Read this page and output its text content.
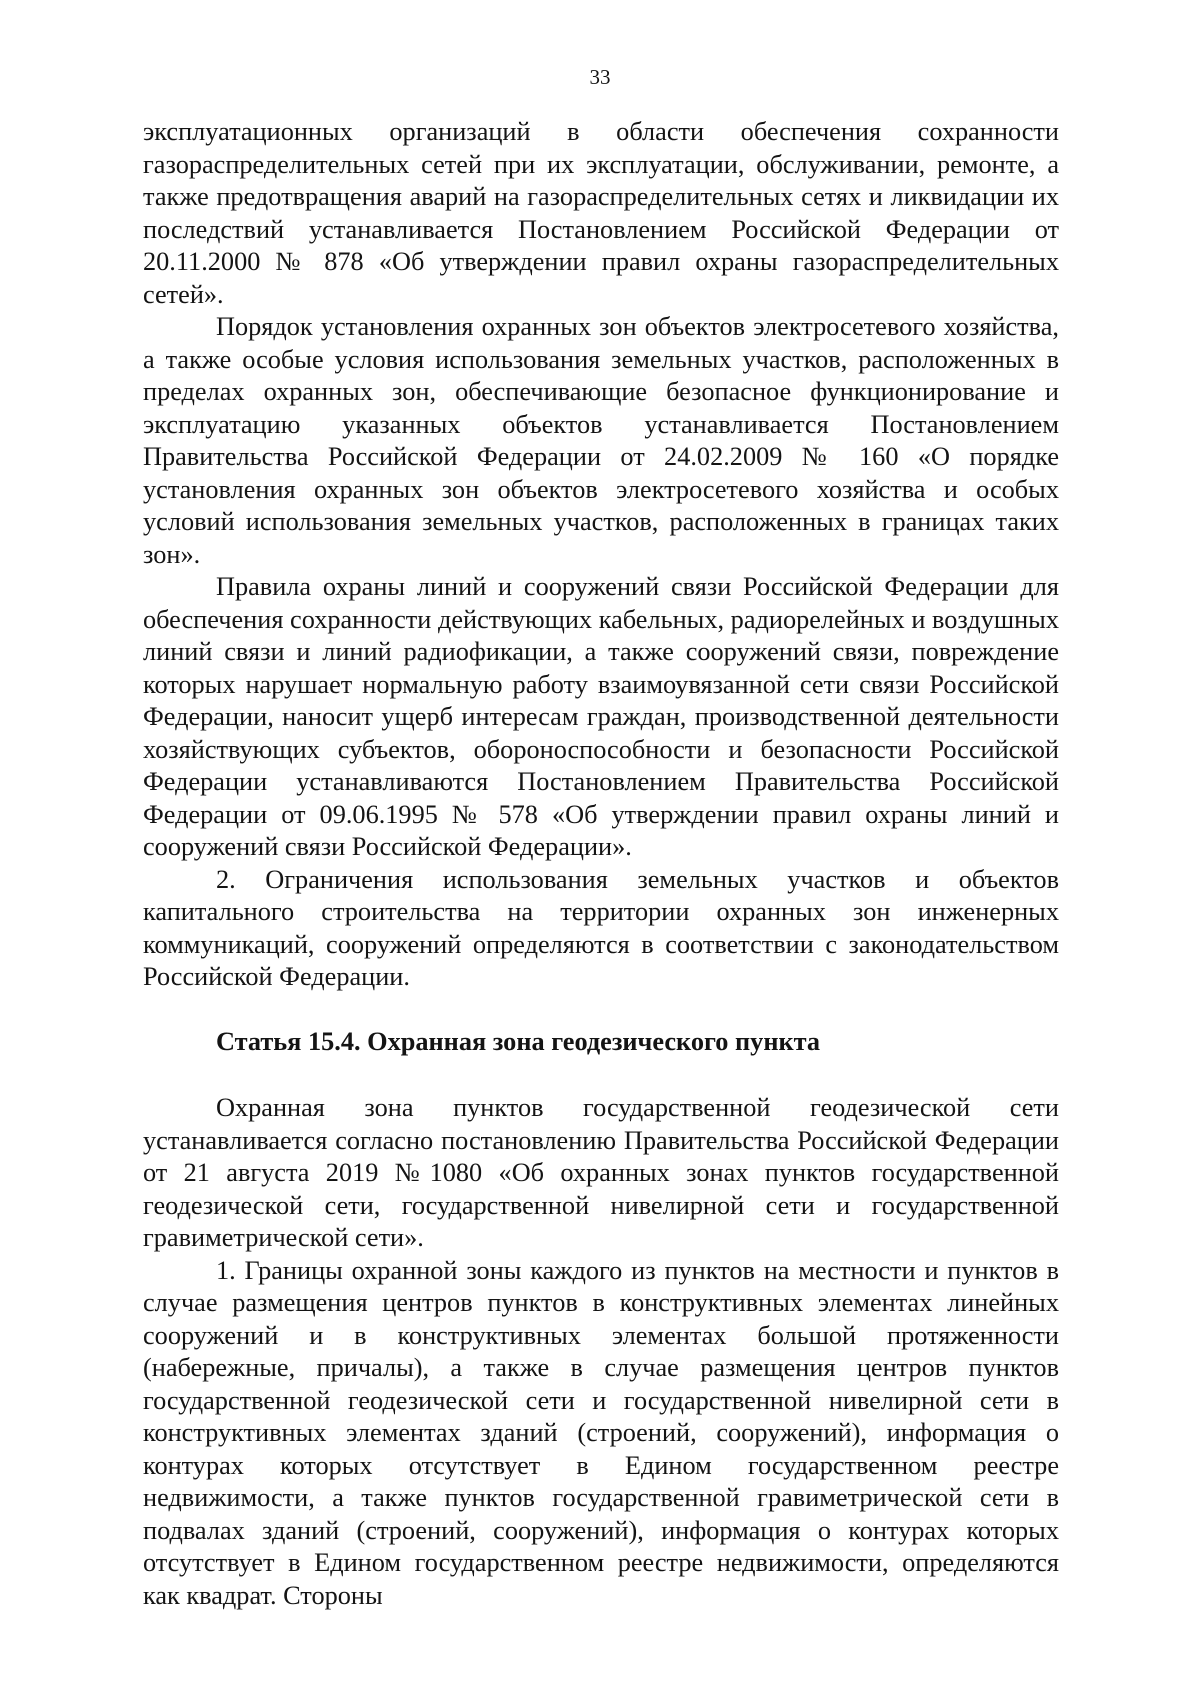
33

эксплуатационных организаций в области обеспечения сохранности газораспределительных сетей при их эксплуатации, обслуживании, ремонте, а также предотвращения аварий на газораспределительных сетях и ликвидации их последствий устанавливается Постановлением Российской Федерации от 20.11.2000 № 878 «Об утверждении правил охраны газораспределительных сетей».

Порядок установления охранных зон объектов электросетевого хозяйства, а также особые условия использования земельных участков, расположенных в пределах охранных зон, обеспечивающие безопасное функционирование и эксплуатацию указанных объектов устанавливается Постановлением Правительства Российской Федерации от 24.02.2009 № 160 «О порядке установления охранных зон объектов электросетевого хозяйства и особых условий использования земельных участков, расположенных в границах таких зон».

Правила охраны линий и сооружений связи Российской Федерации для обеспечения сохранности действующих кабельных, радиорелейных и воздушных линий связи и линий радиофикации, а также сооружений связи, повреждение которых нарушает нормальную работу взаимоувязанной сети связи Российской Федерации, наносит ущерб интересам граждан, производственной деятельности хозяйствующих субъектов, обороноспособности и безопасности Российской Федерации устанавливаются Постановлением Правительства Российской Федерации от 09.06.1995 № 578 «Об утверждении правил охраны линий и сооружений связи Российской Федерации».

2. Ограничения использования земельных участков и объектов капитального строительства на территории охранных зон инженерных коммуникаций, сооружений определяются в соответствии с законодательством Российской Федерации.

Статья 15.4. Охранная зона геодезического пункта

Охранная зона пунктов государственной геодезической сети устанавливается согласно постановлению Правительства Российской Федерации от 21 августа 2019 №1080 «Об охранных зонах пунктов государственной геодезической сети, государственной нивелирной сети и государственной гравиметрической сети».

1. Границы охранной зоны каждого из пунктов на местности и пунктов в случае размещения центров пунктов в конструктивных элементах линейных сооружений и в конструктивных элементах большой протяженности (набережные, причалы), а также в случае размещения центров пунктов государственной геодезической сети и государственной нивелирной сети в конструктивных элементах зданий (строений, сооружений), информация о контурах которых отсутствует в Едином государственном реестре недвижимости, а также пунктов государственной гравиметрической сети в подвалах зданий (строений, сооружений), информация о контурах которых отсутствует в Едином государственном реестре недвижимости, определяются как квадрат. Стороны
